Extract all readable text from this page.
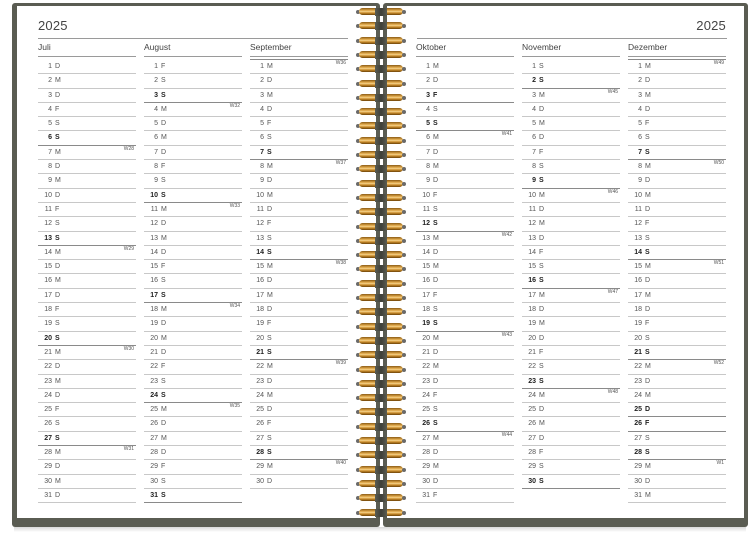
2025
Juli
1 D
2 M
3 D
4 F
5 S
6 S
7 M	W28
8 D
9 M
10 D
11 F
12 S
13 S
14 M	W29
15 D
16 M
17 D
18 F
19 S
20 S
21 M	W30
22 D
23 M
24 D
25 F
26 S
27 S
28 M	W31
29 D
30 M
31 D
August
1 F
2 S
3 S
4 M	W32
5 D
6 M
7 D
8 F
9 S
10 S
11 M	W33
12 D
13 M
14 D
15 F
16 S
17 S
18 M	W34
19 D
20 M
21 D
22 F
23 S
24 S
25 M	W35
26 D
27 M
28 D
29 F
30 S
31 S
September
1 M	W36
2 D
3 M
4 D
5 F
6 S
7 S
8 M	W37
9 D
10 M
11 D
12 F
13 S
14 S
15 M	W38
16 D
17 M
18 D
19 F
20 S
21 S
22 M	W39
23 D
24 M
25 D
26 F
27 S
28 S
29 M	W40
30 D
2025
Oktober
1 M
2 D
3 F
4 S
5 S
6 M	W41
7 D
8 M
9 D
10 F
11 S
12 S
13 M	W42
14 D
15 M
16 D
17 F
18 S
19 S
20 M	W43
21 D
22 M
23 D
24 F
25 S
26 S
27 M	W44
28 D
29 M
30 D
31 F
November
1 S
2 S
3 M	W45
4 D
5 M
6 D
7 F
8 S
9 S
10 M	W46
11 D
12 M
13 D
14 F
15 S
16 S
17 M	W47
18 D
19 M
20 D
21 F
22 S
23 S
24 M	W48
25 D
26 M
27 D
28 F
29 S
30 S
Dezember
1 M	W49
2 D
3 M
4 D
5 F
6 S
7 S
8 M	W50
9 D
10 M
11 D
12 F
13 S
14 S
15 M	W51
16 D
17 M
18 D
19 F
20 S
21 S
22 M	W52
23 D
24 M
25 D
26 F
27 S
28 S
29 M	W1
30 D
31 M
